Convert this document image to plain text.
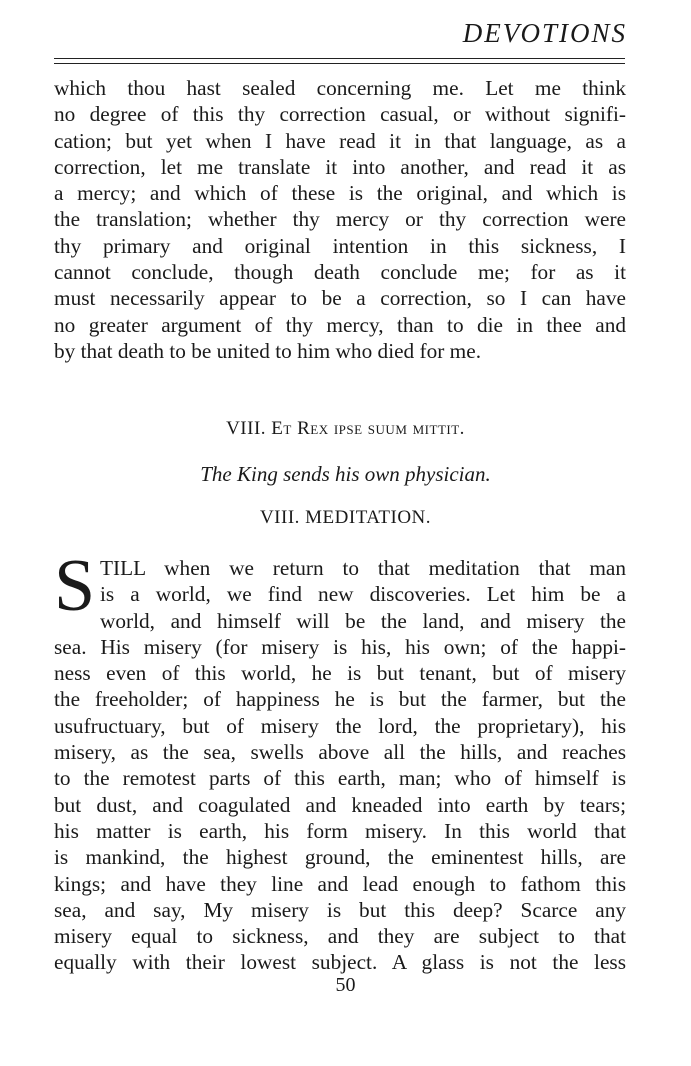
DEVOTIONS
which thou hast sealed concerning me. Let me think
no degree of this thy correction casual, or without signifi-
cation; but yet when I have read it in that language, as a
correction, let me translate it into another, and read it as
a mercy; and which of these is the original, and which is
the translation; whether thy mercy or thy correction were
thy primary and original intention in this sickness, I
cannot conclude, though death conclude me; for as it
must necessarily appear to be a correction, so I can have
no greater argument of thy mercy, than to die in thee and
by that death to be united to him who died for me.
VIII. Et Rex ipse suum mittit.
The King sends his own physician.
VIII. MEDITATION.
S TILL when we return to that meditation that man
is a world, we find new discoveries. Let him be a
world, and himself will be the land, and misery the
sea. His misery (for misery is his, his own; of the happi-
ness even of this world, he is but tenant, but of misery
the freeholder; of happiness he is but the farmer, but the
usufructuary, but of misery the lord, the proprietary), his
misery, as the sea, swells above all the hills, and reaches
to the remotest parts of this earth, man; who of himself is
but dust, and coagulated and kneaded into earth by tears;
his matter is earth, his form misery. In this world that
is mankind, the highest ground, the eminentest hills, are
kings; and have they line and lead enough to fathom this
sea, and say, My misery is but this deep? Scarce any
misery equal to sickness, and they are subject to that
equally with their lowest subject. A glass is not the less
50
